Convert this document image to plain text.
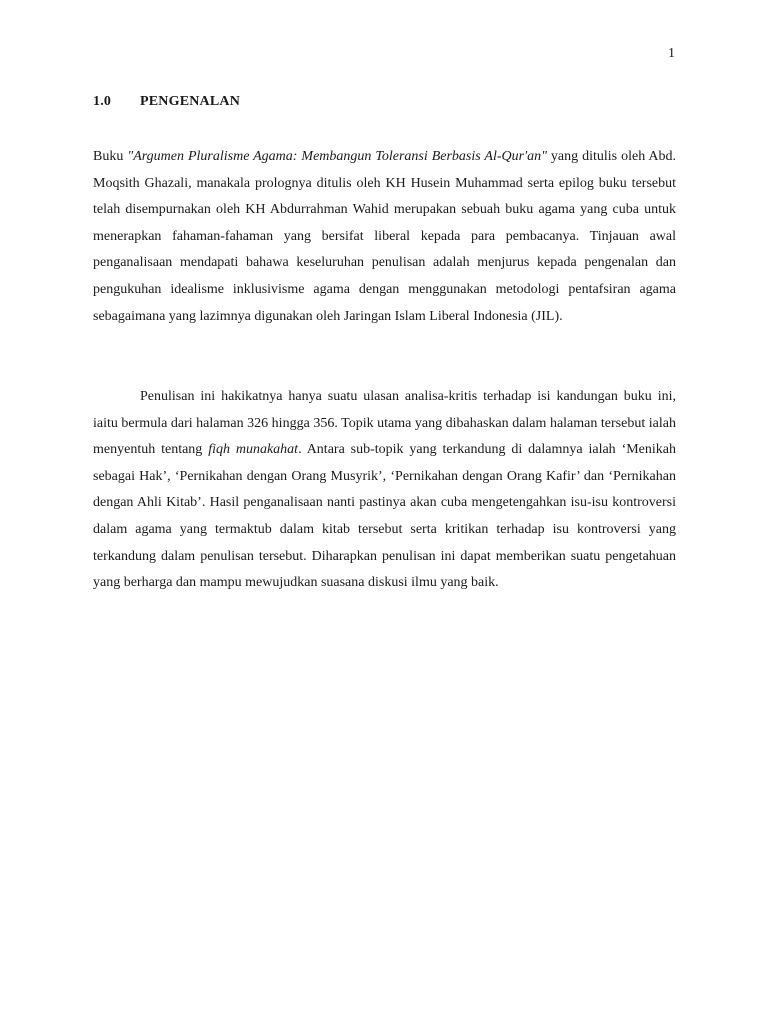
1
1.0 PENGENALAN

Buku "Argumen Pluralisme Agama: Membangun Toleransi Berbasis Al-Qur'an" yang ditulis oleh Abd. Moqsith Ghazali, manakala prolognya ditulis oleh KH Husein Muhammad serta epilog buku tersebut telah disempurnakan oleh KH Abdurrahman Wahid merupakan sebuah buku agama yang cuba untuk menerapkan fahaman-fahaman yang bersifat liberal kepada para pembacanya. Tinjauan awal penganalisaan mendapati bahawa keseluruhan penulisan adalah menjurus kepada pengenalan dan pengukuhan idealisme inklusivisme agama dengan menggunakan metodologi pentafsiran agama sebagaimana yang lazimnya digunakan oleh Jaringan Islam Liberal Indonesia (JIL).

Penulisan ini hakikatnya hanya suatu ulasan analisa-kritis terhadap isi kandungan buku ini, iaitu bermula dari halaman 326 hingga 356. Topik utama yang dibahaskan dalam halaman tersebut ialah menyentuh tentang fiqh munakahat. Antara sub-topik yang terkandung di dalamnya ialah ‘Menikah sebagai Hak’, ‘Pernikahan dengan Orang Musyrik’, ‘Pernikahan dengan Orang Kafir’ dan ‘Pernikahan dengan Ahli Kitab’. Hasil penganalisaan nanti pastinya akan cuba mengetengahkan isu-isu kontroversi dalam agama yang termaktub dalam kitab tersebut serta kritikan terhadap isu kontroversi yang terkandung dalam penulisan tersebut. Diharapkan penulisan ini dapat memberikan suatu pengetahuan yang berharga dan mampu mewujudkan suasana diskusi ilmu yang baik.
